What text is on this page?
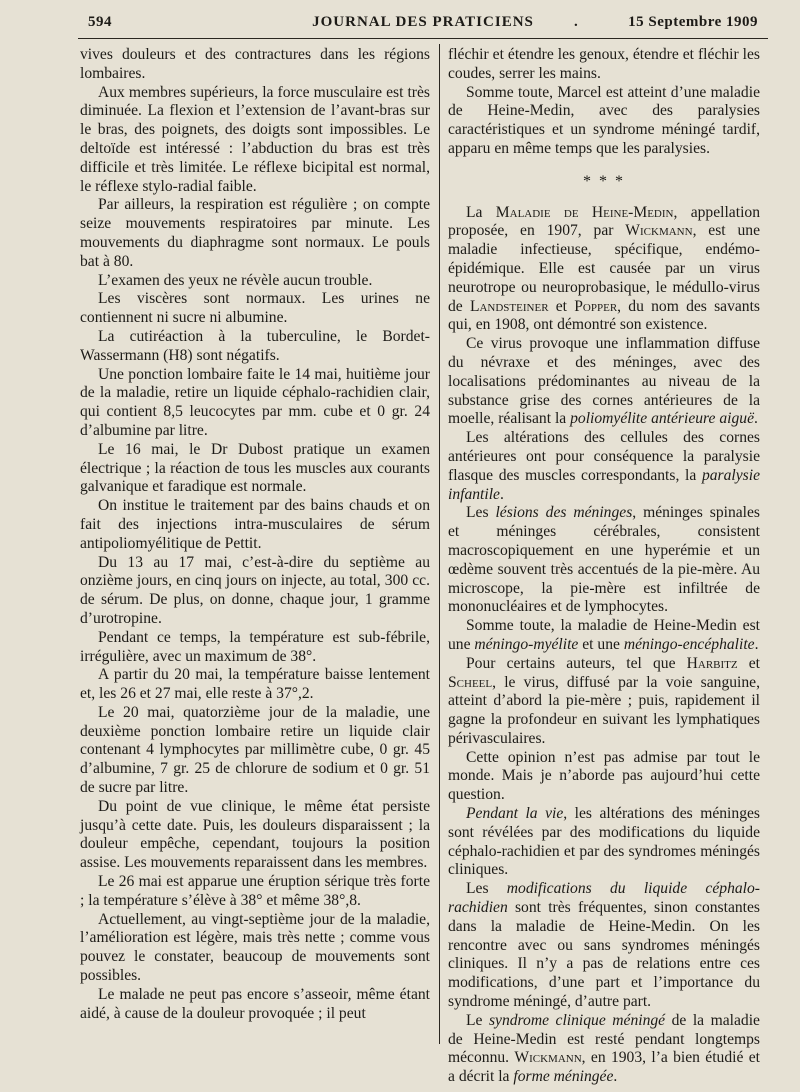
594	JOURNAL DES PRATICIENS	.	15 Septembre 1909

vives douleurs et des contractures dans les régions lombaires.

Aux membres supérieurs, la force musculaire est très diminuée. La flexion et l’extension de l’avant-bras sur le bras, des poignets, des doigts sont impossibles. Le deltoïde est intéressé : l’abduction du bras est très difficile et très limitée. Le réflexe bicipital est normal, le réflexe stylo-radial faible.

Par ailleurs, la respiration est régulière ; on compte seize mouvements respiratoires par minute. Les mouvements du diaphragme sont normaux. Le pouls bat à 80.

L’examen des yeux ne révèle aucun trouble.

Les viscères sont normaux. Les urines ne contiennent ni sucre ni albumine.

La cutiréaction à la tuberculine, le Bordet-Wassermann (H8) sont négatifs.

Une ponction lombaire faite le 14 mai, huitième jour de la maladie, retire un liquide céphalo-rachidien clair, qui contient 8,5 leucocytes par mm. cube et 0 gr. 24 d’albumine par litre.

Le 16 mai, le Dr Dubost pratique un examen électrique ; la réaction de tous les muscles aux courants galvanique et faradique est normale.

On institue le traitement par des bains chauds et on fait des injections intra-musculaires de sérum antipoliomyélitique de Pettit.

Du 13 au 17 mai, c’est-à-dire du septième au onzième jours, en cinq jours on injecte, au total, 300 cc. de sérum. De plus, on donne, chaque jour, 1 gramme d’urotropine.

Pendant ce temps, la température est sub-fébrile, irrégulière, avec un maximum de 38°.

A partir du 20 mai, la température baisse lentement et, les 26 et 27 mai, elle reste à 37°,2.

Le 20 mai, quatorzième jour de la maladie, une deuxième ponction lombaire retire un liquide clair contenant 4 lymphocytes par millimètre cube, 0 gr. 45 d’albumine, 7 gr. 25 de chlorure de sodium et 0 gr. 51 de sucre par litre.

Du point de vue clinique, le même état persiste jusqu’à cette date. Puis, les douleurs disparaissent ; la douleur empêche, cependant, toujours la position assise. Les mouvements reparaissent dans les membres.

Le 26 mai est apparue une éruption sérique très forte ; la température s’élève à 38° et même 38°,8.

Actuellement, au vingt-septième jour de la maladie, l’amélioration est légère, mais très nette ; comme vous pouvez le constater, beaucoup de mouvements sont possibles.

Le malade ne peut pas encore s’asseoir, même étant aidé, à cause de la douleur provoquée ; il peut

fléchir et étendre les genoux, étendre et fléchir les coudes, serrer les mains.

Somme toute, Marcel est atteint d’une maladie de Heine-Medin, avec des paralysies caractéristiques et un syndrome méningé tardif, apparu en même temps que les paralysies.

* * *

La Maladie de Heine-Medin, appellation proposée, en 1907, par Wickmann, est une maladie infectieuse, spécifique, endémo-épidémique. Elle est causée par un virus neurotrope ou neuroprobasique, le médullo-virus de Landsteiner et Popper, du nom des savants qui, en 1908, ont démontré son existence.

Ce virus provoque une inflammation diffuse du névraxe et des méninges, avec des localisations prédominantes au niveau de la substance grise des cornes antérieures de la moelle, réalisant la poliomyélite antérieure aiguë.

Les altérations des cellules des cornes antérieures ont pour conséquence la paralysie flasque des muscles correspondants, la paralysie infantile.

Les lésions des méninges, méninges spinales et méninges cérébrales, consistent macroscopiquement en une hyperémie et un œdème souvent très accentués de la pie-mère. Au microscope, la pie-mère est infiltrée de mononucléaires et de lymphocytes.

Somme toute, la maladie de Heine-Medin est une méningo-myélite et une méningo-encéphalite.

Pour certains auteurs, tel que Harbitz et Scheel, le virus, diffusé par la voie sanguine, atteint d’abord la pie-mère ; puis, rapidement il gagne la profondeur en suivant les lymphatiques périvasculaires.

Cette opinion n’est pas admise par tout le monde. Mais je n’aborde pas aujourd’hui cette question.

Pendant la vie, les altérations des méninges sont révélées par des modifications du liquide céphalo-rachidien et par des syndromes méningés cliniques.

Les modifications du liquide céphalo-rachidien sont très fréquentes, sinon constantes dans la maladie de Heine-Medin. On les rencontre avec ou sans syndromes méningés cliniques. Il n’y a pas de relations entre ces modifications, d’une part et l’importance du syndrome méningé, d’autre part.

Le syndrome clinique méningé de la maladie de Heine-Medin est resté pendant longtemps méconnu. Wickmann, en 1903, l’a bien étudié et a décrit la forme méningée.
